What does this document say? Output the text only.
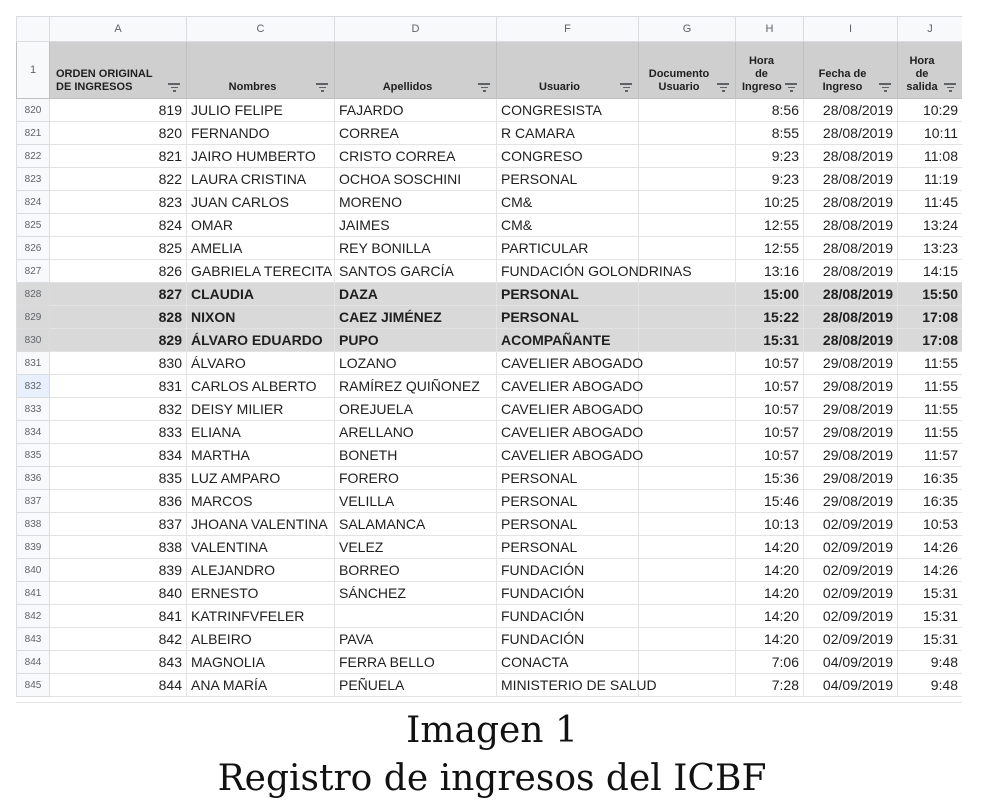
	A	C	D	F	G	H	I	J
1	ORDEN ORIGINAL DE INGRESOS	Nombres	Apellidos	Usuario	Documento Usuario	Hora de Ingreso	Fecha de Ingreso	Hora de salida

820	819	JULIO FELIPE	FAJARDO	CONGRESISTA		8:56	28/08/2019	10:29
821	820	FERNANDO	CORREA	R CAMARA		8:55	28/08/2019	10:11
822	821	JAIRO HUMBERTO	CRISTO CORREA	CONGRESO		9:23	28/08/2019	11:08
823	822	LAURA CRISTINA	OCHOA SOSCHINI	PERSONAL		9:23	28/08/2019	11:19
824	823	JUAN CARLOS	MORENO	CM&		10:25	28/08/2019	11:45
825	824	OMAR	JAIMES	CM&		12:55	28/08/2019	13:24
826	825	AMELIA	REY BONILLA	PARTICULAR		12:55	28/08/2019	13:23
827	826	GABRIELA TERECITA	SANTOS GARCÍA	FUNDACIÓN GOLONDRINAS		13:16	28/08/2019	14:15
828	827	CLAUDIA	DAZA	PERSONAL		15:00	28/08/2019	15:50
829	828	NIXON	CAEZ JIMÉNEZ	PERSONAL		15:22	28/08/2019	17:08
830	829	ÁLVARO EDUARDO	PUPO	ACOMPAÑANTE		15:31	28/08/2019	17:08
831	830	ÁLVARO	LOZANO	CAVELIER ABOGADO		10:57	29/08/2019	11:55
832	831	CARLOS ALBERTO	RAMÍREZ QUIÑONEZ	CAVELIER ABOGADO		10:57	29/08/2019	11:55
833	832	DEISY MILIER	OREJUELA	CAVELIER ABOGADO		10:57	29/08/2019	11:55
834	833	ELIANA	ARELLANO	CAVELIER ABOGADO		10:57	29/08/2019	11:55
835	834	MARTHA	BONETH	CAVELIER ABOGADO		10:57	29/08/2019	11:57
836	835	LUZ AMPARO	FORERO	PERSONAL		15:36	29/08/2019	16:35
837	836	MARCOS	VELILLA	PERSONAL		15:46	29/08/2019	16:35
838	837	JHOANA VALENTINA	SALAMANCA	PERSONAL		10:13	02/09/2019	10:53
839	838	VALENTINA	VELEZ	PERSONAL		14:20	02/09/2019	14:26
840	839	ALEJANDRO	BORREO	FUNDACIÓN		14:20	02/09/2019	14:26
841	840	ERNESTO	SÁNCHEZ	FUNDACIÓN		14:20	02/09/2019	15:31
842	841	KATRINFVFELER		FUNDACIÓN		14:20	02/09/2019	15:31
843	842	ALBEIRO	PAVA	FUNDACIÓN		14:20	02/09/2019	15:31
844	843	MAGNOLIA	FERRA BELLO	CONACTA		7:06	04/09/2019	9:48
845	844	ANA MARÍA	PEÑUELA	MINISTERIO DE SALUD		7:28	04/09/2019	9:48
Imagen 1
Registro de ingresos del ICBF
